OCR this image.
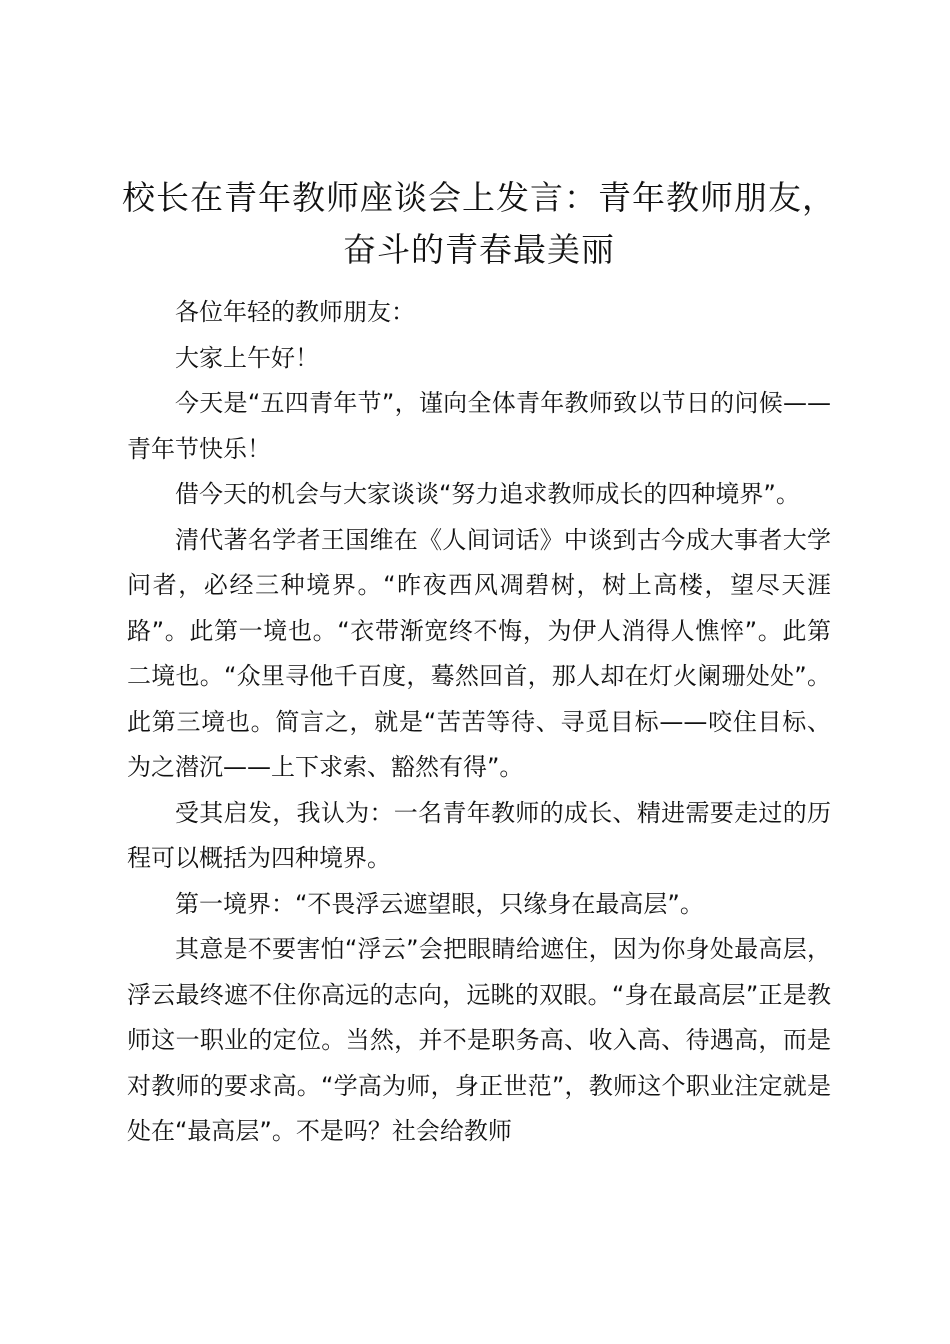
校长在青年教师座谈会上发言：青年教师朋友，奋斗的青春最美丽

各位年轻的教师朋友：

大家上午好！

今天是“五四青年节”，谨向全体青年教师致以节日的问候——青年节快乐！

借今天的机会与大家谈谈“努力追求教师成长的四种境界”。

清代著名学者王国维在《人间词话》中谈到古今成大事者大学问者，必经三种境界。“昨夜西风凋碧树，树上高楼，望尽天涯路”。此第一境也。“衣带渐宽终不悔，为伊人消得人憔悴”。此第二境也。“众里寻他千百度，蓦然回首，那人却在灯火阑珊处处”。此第三境也。简言之，就是“苦苦等待、寻觅目标——咬住目标、为之潜沉——上下求索、豁然有得”。

受其启发，我认为：一名青年教师的成长、精进需要走过的历程可以概括为四种境界。

第一境界：“不畏浮云遮望眼，只缘身在最高层”。

其意是不要害怕“浮云”会把眼睛给遮住，因为你身处最高层，浮云最终遮不住你高远的志向，远眺的双眼。“身在最高层”正是教师这一职业的定位。当然，并不是职务高、收入高、待遇高，而是对教师的要求高。“学高为师，身正世范”，教师这个职业注定就是处在“最高层”。不是吗？社会给教师
